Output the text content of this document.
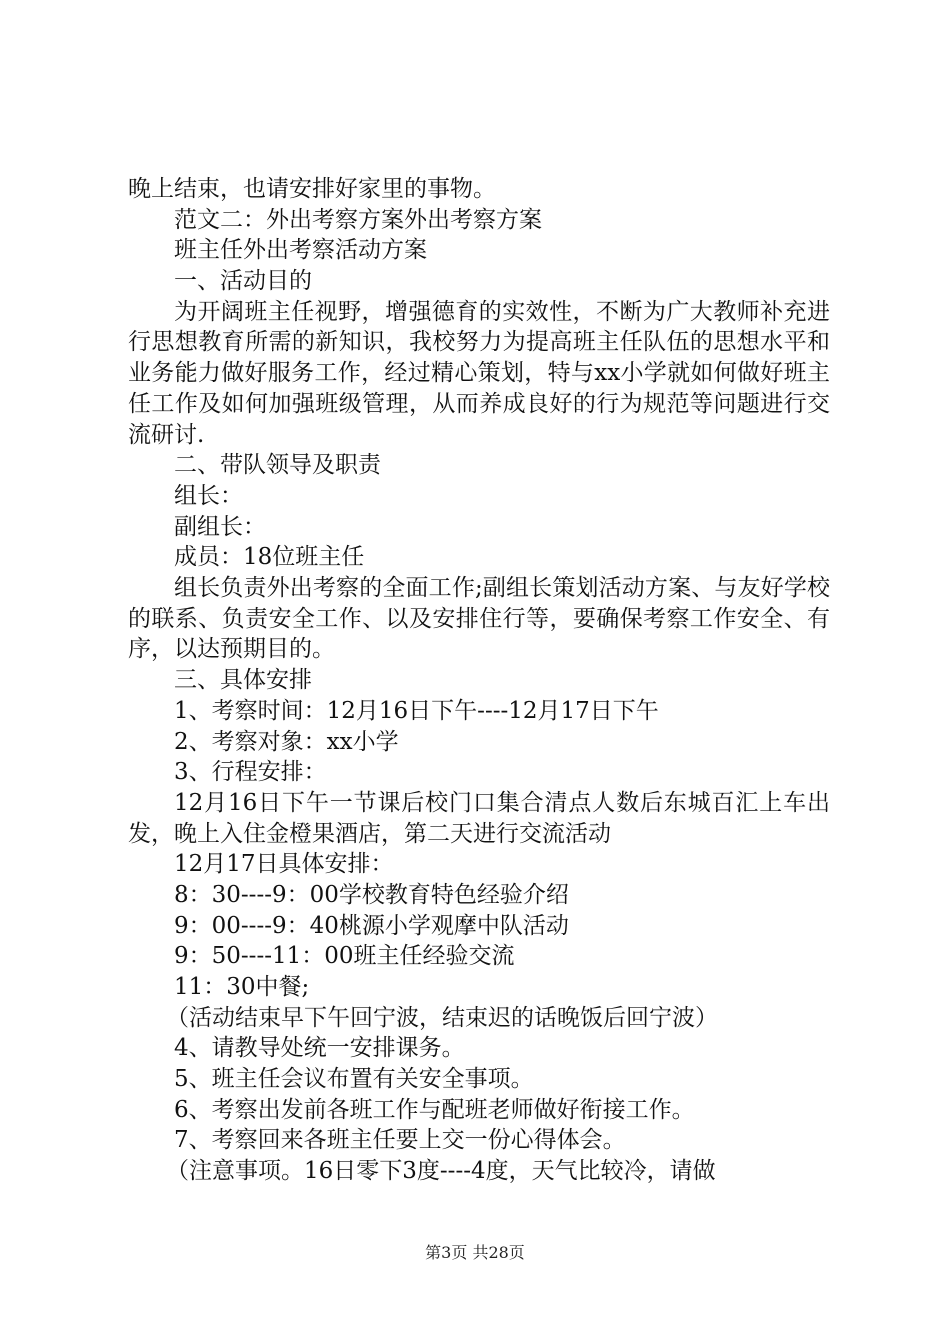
晚上结束，也请安排好家里的事物。
范文二：外出考察方案外出考察方案
班主任外出考察活动方案
一、活动目的

为开阔班主任视野，增强德育的实效性，不断为广大教师补充进行思想教育所需的新知识，我校努力为提高班主任队伍的思想水平和业务能力做好服务工作，经过精心策划，特与xx小学就如何做好班主任工作及如何加强班级管理，从而养成良好的行为规范等问题进行交流研讨.

二、带队领导及职责
组长：
副组长：
成员：18位班主任

组长负责外出考察的全面工作;副组长策划活动方案、与友好学校的联系、负责安全工作、以及安排住行等，要确保考察工作安全、有序，以达预期目的。

三、具体安排
1、考察时间：12月16日下午----12月17日下午
2、考察对象：xx小学
3、行程安排：

12月16日下午一节课后校门口集合清点人数后东城百汇上车出发，晚上入住金橙果酒店，第二天进行交流活动

12月17日具体安排：
8：30----9：00学校教育特色经验介绍
9：00----9：40桃源小学观摩中队活动
9：50----11：00班主任经验交流
11：30中餐;
（活动结束早下午回宁波，结束迟的话晚饭后回宁波）
4、请教导处统一安排课务。
5、班主任会议布置有关安全事项。
6、考察出发前各班工作与配班老师做好衔接工作。
7、考察回来各班主任要上交一份心得体会。
（注意事项。16日零下3度----4度，天气比较冷，请做
第3页 共28页
